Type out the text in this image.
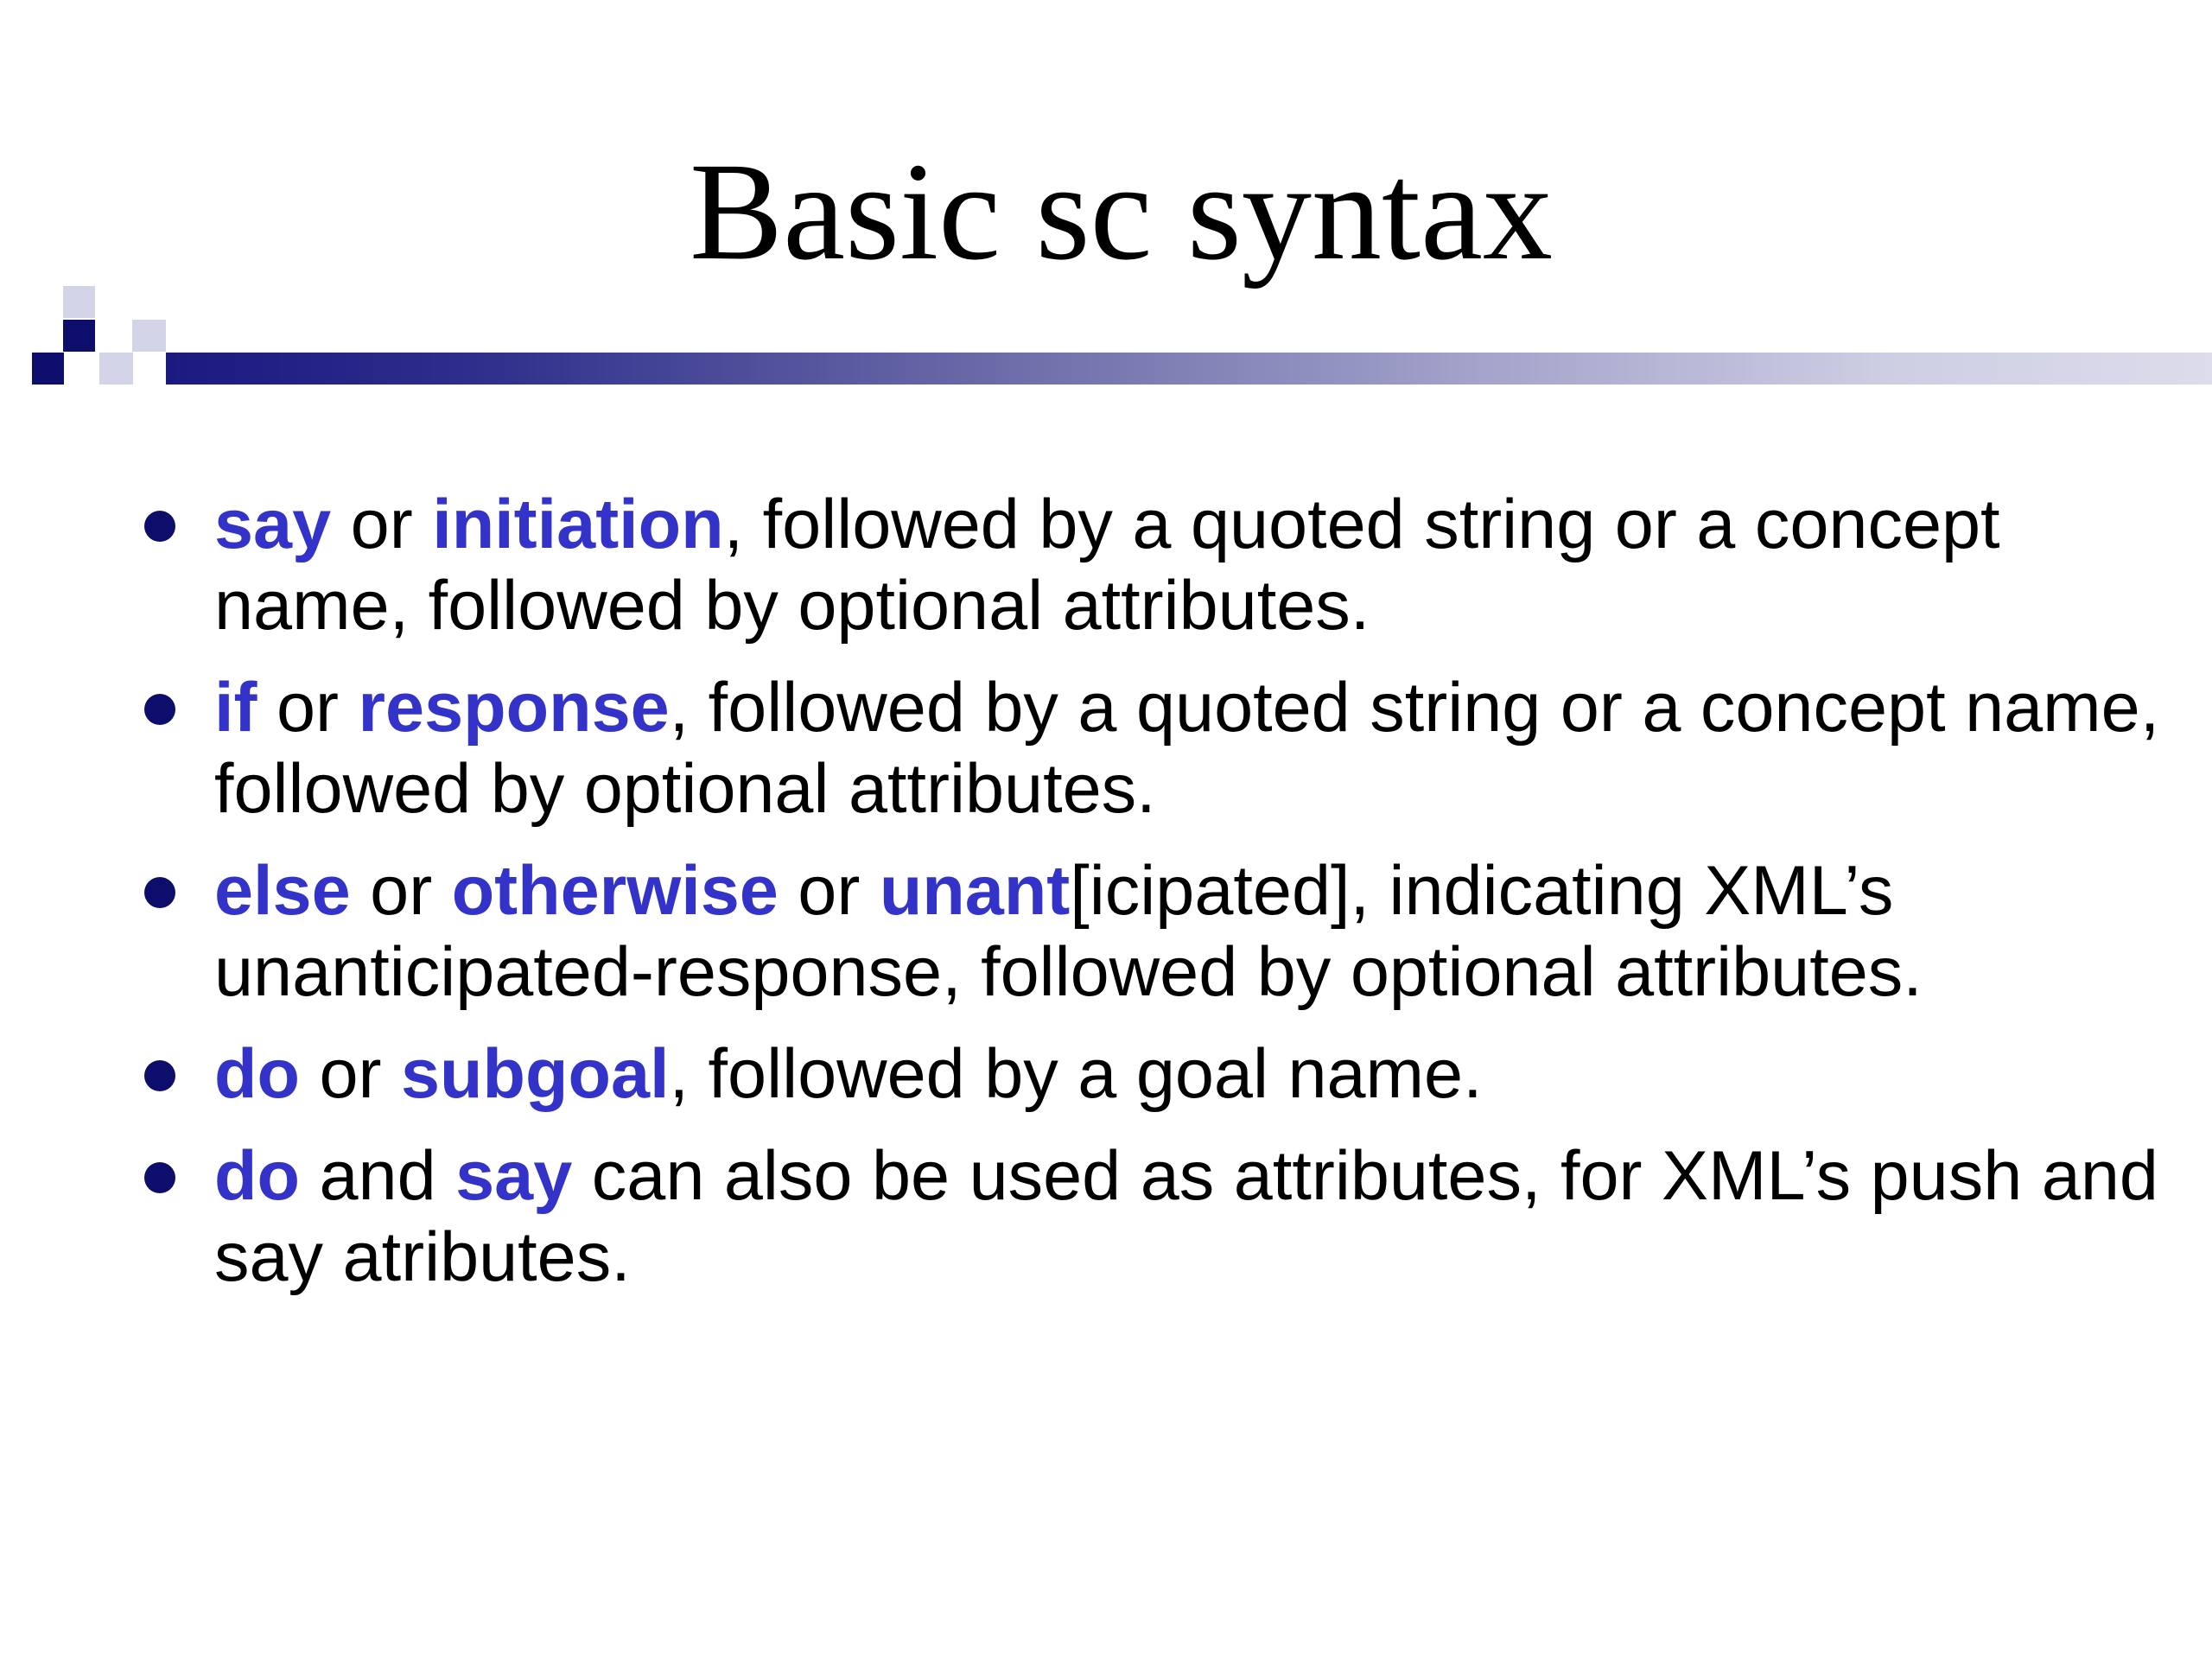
Basic sc syntax
say or initiation, followed by a quoted string or a concept name, followed by optional attributes.
if or response, followed by a quoted string or a concept name, followed by optional attributes.
else or otherwise or unant[icipated], indicating XML’s unanticipated-response, followed by optional attributes.
do or subgoal, followed by a goal name.
do and say can also be used as attributes, for XML’s push and say atributes.
